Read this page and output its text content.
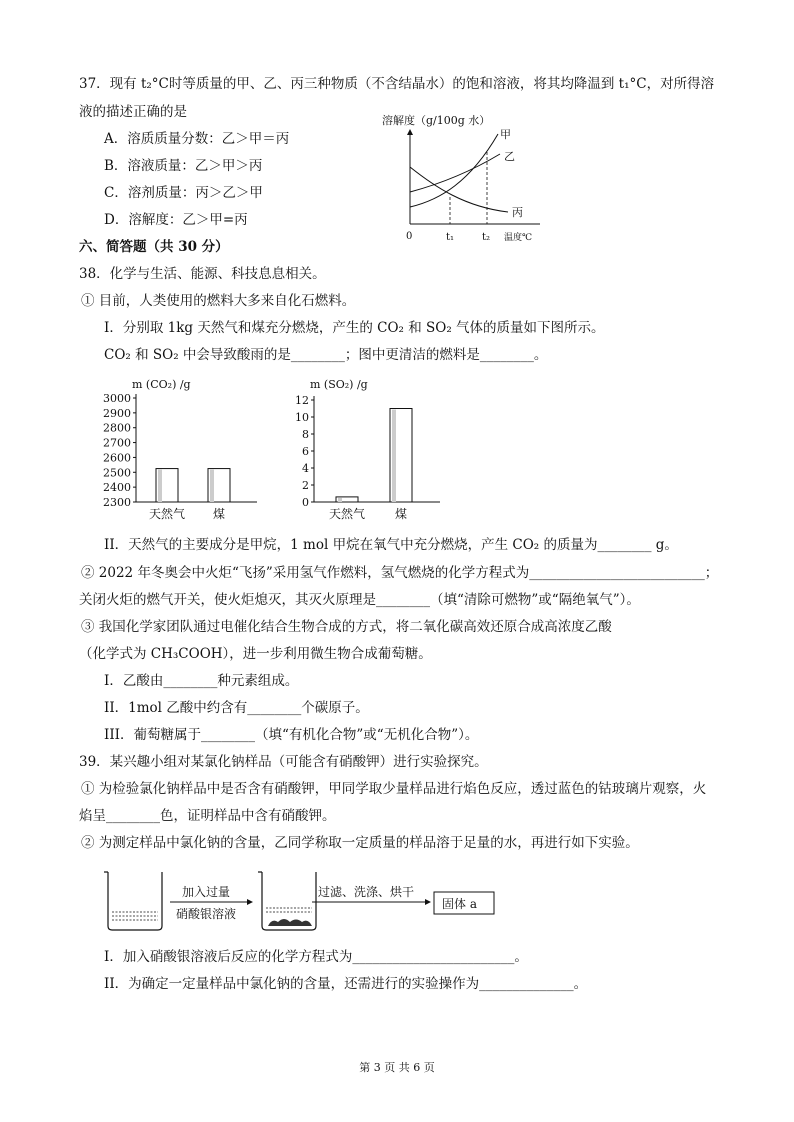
37．现有 t₂°C时等质量的甲、乙、丙三种物质（不含结晶水）的饱和溶液，将其均降温到 t₁°C，对所得溶
液的描述正确的是
A．溶质质量分数：乙＞甲＝丙
B．溶液质量：乙＞甲＞丙
C．溶剂质量：丙＞乙＞甲
D．溶解度：乙＞甲=丙
溶解度（g/100g 水）
0	t₁	t₂ 温度℃
甲
乙
丙
六、简答题（共 30 分）
38．化学与生活、能源、科技息息相关。
① 目前，人类使用的燃料大多来自化石燃料。
I．分别取 1kg 天然气和煤充分燃烧，产生的 CO₂ 和 SO₂ 气体的质量如下图所示。
CO₂ 和 SO₂ 中会导致酸雨的是________；图中更清洁的燃料是________。
m (CO₂) /g
2300
2400
2500
2600
2700
2800
2900
3000
天然气 煤
m (SO₂) /g
0
2
4
6
8
10
12
天然气 煤
II．天然气的主要成分是甲烷，1 mol 甲烷在氧气中充分燃烧，产生 CO₂ 的质量为________ g。
② 2022 年冬奥会中火炬“飞扬”采用氢气作燃料，氢气燃烧的化学方程式为__________________________；
关闭火炬的燃气开关，使火炬熄灭，其灭火原理是________（填“清除可燃物”或“隔绝氧气”）。
③ 我国化学家团队通过电催化结合生物合成的方式，将二氧化碳高效还原合成高浓度乙酸
（化学式为 CH₃COOH），进一步利用微生物合成葡萄糖。
I．乙酸由________种元素组成。
II．1mol 乙酸中约含有________个碳原子。
III．葡萄糖属于________（填“有机化合物”或“无机化合物”）。
39．某兴趣小组对某氯化钠样品（可能含有硝酸钾）进行实验探究。
① 为检验氯化钠样品中是否含有硝酸钾，甲同学取少量样品进行焰色反应，透过蓝色的钴玻璃片观察，火
焰呈________色，证明样品中含有硝酸钾。
② 为测定样品中氯化钠的含量，乙同学称取一定质量的样品溶于足量的水，再进行如下实验。
加入过量
硝酸银溶液
过滤、洗涤、烘干
固体 a
I．加入硝酸银溶液后反应的化学方程式为________________________。
II．为确定一定量样品中氯化钠的含量，还需进行的实验操作为______________。
第 3 页 共 6 页
